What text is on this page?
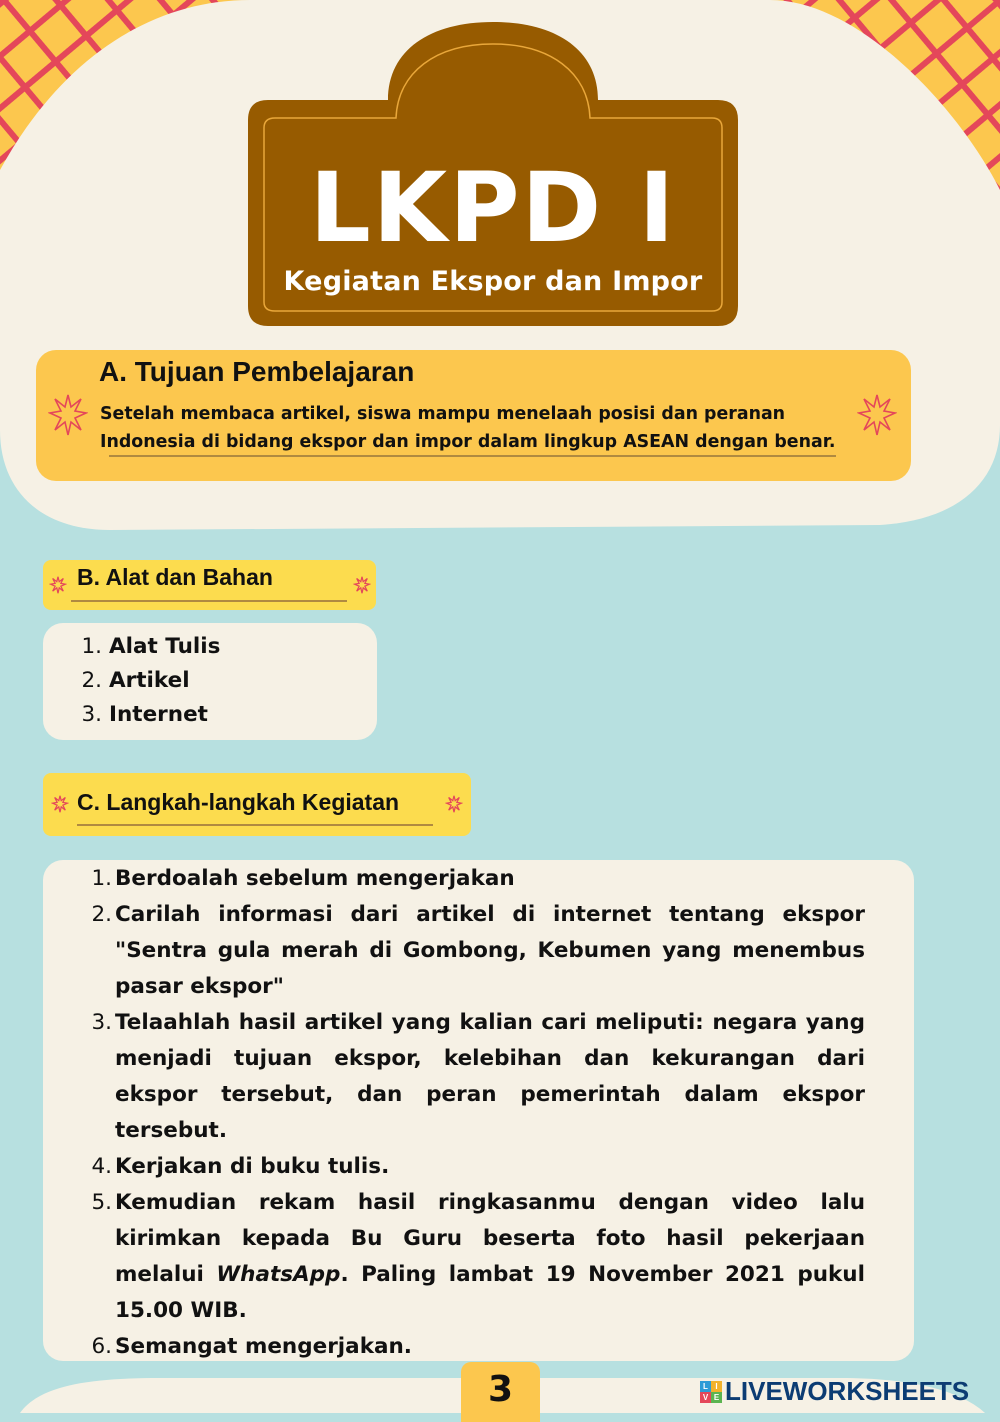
LKPD I
Kegiatan Ekspor dan Impor
A. Tujuan Pembelajaran
Setelah membaca artikel, siswa mampu menelaah posisi dan peranan
Indonesia di bidang ekspor dan impor dalam lingkup ASEAN dengan benar.
B. Alat dan Bahan
1. Alat Tulis
2. Artikel
3. Internet
C. Langkah-langkah Kegiatan
1. Berdoalah sebelum mengerjakan
2. Carilah informasi dari artikel di internet tentang ekspor "Sentra gula merah di Gombong, Kebumen yang menembus pasar ekspor"
3. Telaahlah hasil artikel yang kalian cari meliputi: negara yang menjadi tujuan ekspor, kelebihan dan kekurangan dari ekspor tersebut, dan peran pemerintah dalam ekspor tersebut.
4. Kerjakan di buku tulis.
5. Kemudian rekam hasil ringkasanmu dengan video lalu kirimkan kepada Bu Guru beserta foto hasil pekerjaan melalui WhatsApp. Paling lambat 19 November 2021 pukul 15.00 WIB.
6. Semangat mengerjakan.
3	L I
V E LIVEWORKSHEETS
